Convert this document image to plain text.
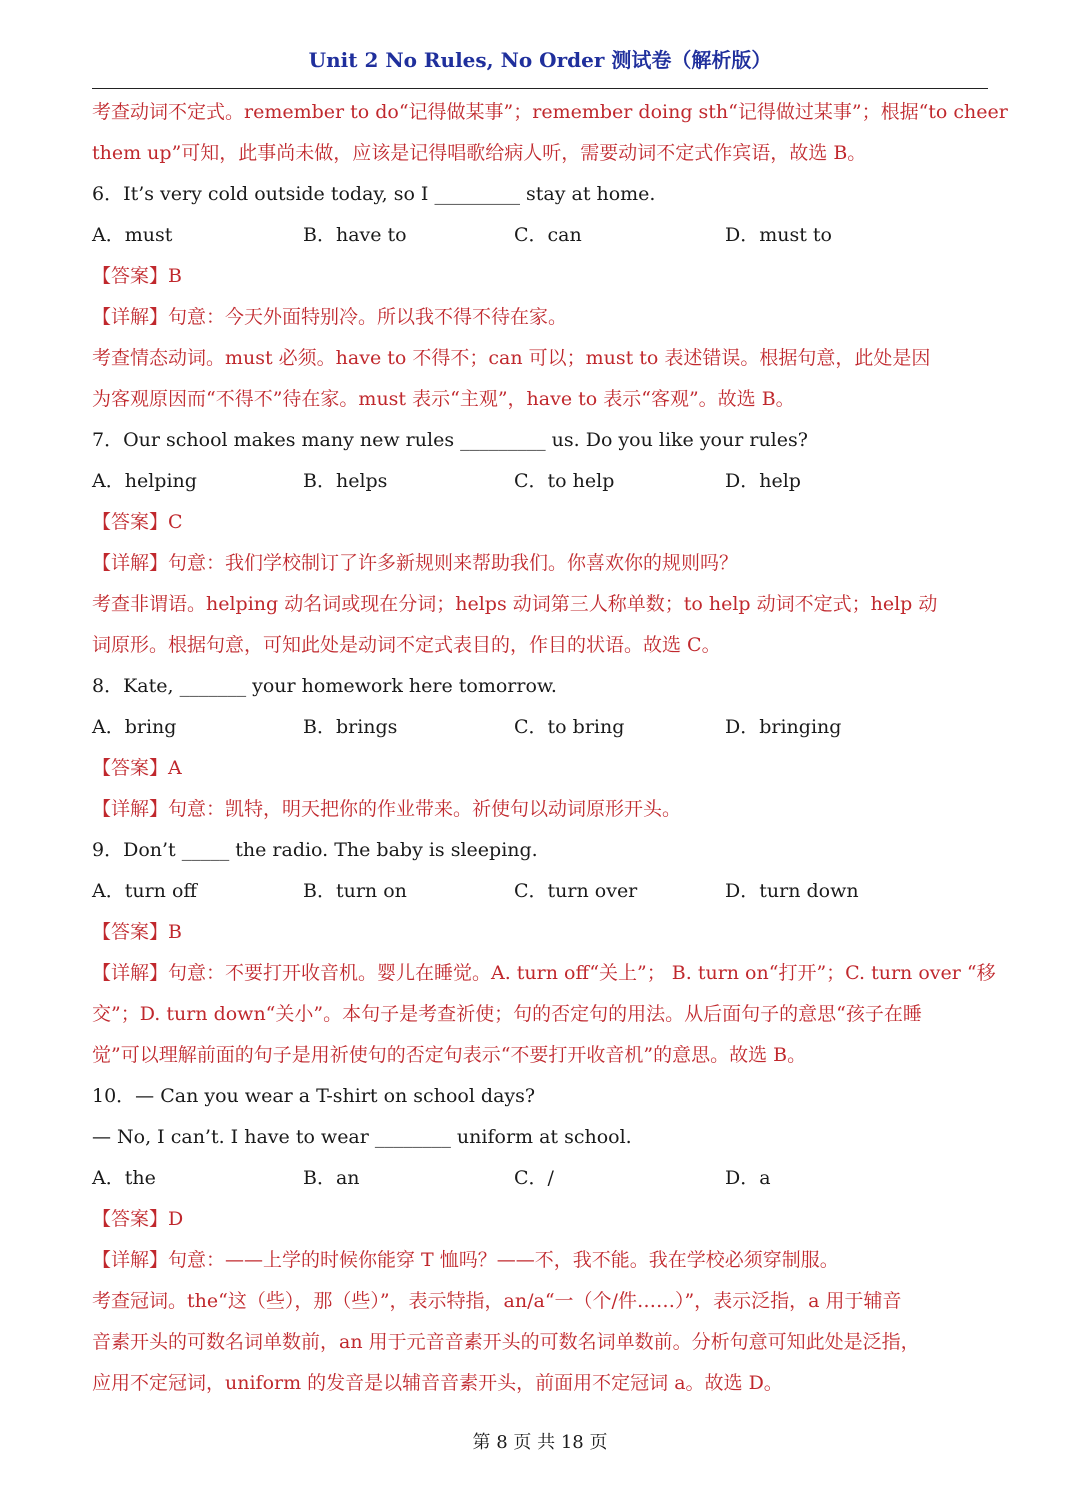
Unit 2 No Rules, No Order 测试卷（解析版）
考查动词不定式。remember to do“记得做某事”；remember doing sth“记得做过某事”；根据“to cheer
them up”可知，此事尚未做，应该是记得唱歌给病人听，需要动词不定式作宾语，故选 B。
6．It’s very cold outside today, so I _________ stay at home.
A．must	B．have to	C．can	D．must to
【答案】B
【详解】句意：今天外面特别冷。所以我不得不待在家。
考查情态动词。must 必须。have to 不得不；can 可以；must to 表述错误。根据句意，此处是因
为客观原因而“不得不”待在家。must 表示“主观”，have to 表示“客观”。故选 B。
7．Our school makes many new rules _________ us. Do you like your rules?
A．helping	B．helps	C．to help	D．help
【答案】C
【详解】句意：我们学校制订了许多新规则来帮助我们。你喜欢你的规则吗？
考查非谓语。helping 动名词或现在分词；helps 动词第三人称单数；to help 动词不定式；help 动
词原形。根据句意，可知此处是动词不定式表目的，作目的状语。故选 C。
8．Kate, _______ your homework here tomorrow.
A．bring	B．brings	C．to bring	D．bringing
【答案】A
【详解】句意：凯特，明天把你的作业带来。祈使句以动词原形开头。
9．Don’t _____ the radio. The baby is sleeping.
A．turn off	B．turn on	C．turn over	D．turn down
【答案】B
【详解】句意：不要打开收音机。婴儿在睡觉。A. turn off“关上”； B. turn on“打开”；C. turn over “移
交”；D. turn down“关小”。本句子是考查祈使；句的否定句的用法。从后面句子的意思“孩子在睡
觉”可以理解前面的句子是用祈使句的否定句表示“不要打开收音机”的意思。故选 B。
10．— Can you wear a T-shirt on school days?
— No, I can’t. I have to wear ________ uniform at school.
A．the	B．an	C．/	D．a
【答案】D
【详解】句意：——上学的时候你能穿 T 恤吗？——不，我不能。我在学校必须穿制服。
考查冠词。the“这（些），那（些）”，表示特指，an/a“一（个/件……）”，表示泛指，a 用于辅音
音素开头的可数名词单数前，an 用于元音音素开头的可数名词单数前。分析句意可知此处是泛指，
应用不定冠词，uniform 的发音是以辅音音素开头，前面用不定冠词 a。故选 D。
第 8 页 共 18 页
